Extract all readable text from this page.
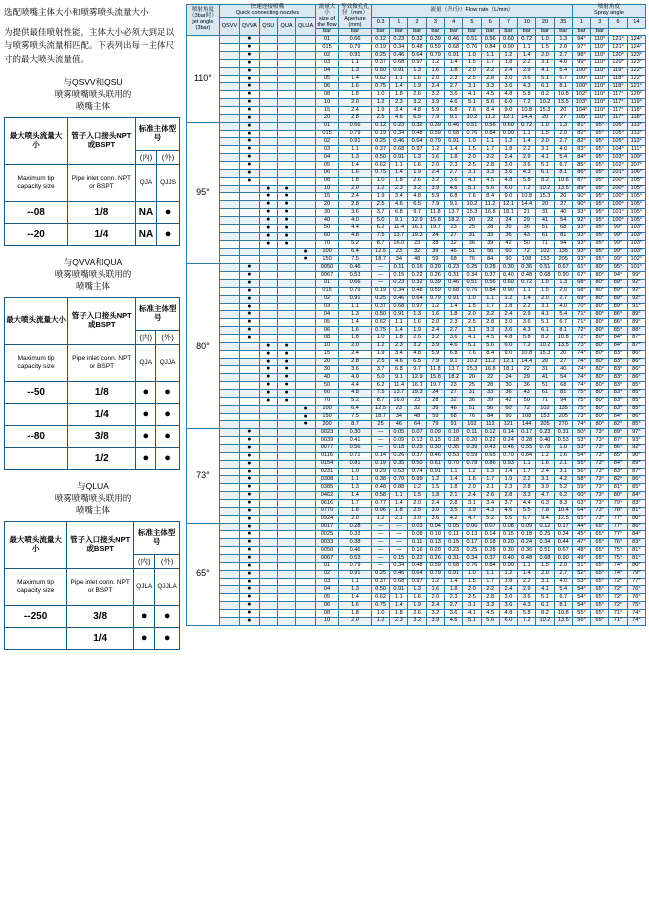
选配喷嘴主体大小和喷雾喷头流量大小

为提供最佳喷射性能，主体大小必须大到足以与喷雾喷头流量相匹配。下表列出每一主体尺寸的最大喷头流量值。

与QSVV和QSU
喷雾喷嘴喷头联用的
喷嘴主体
最大喷头流量大小	管子入口接头NPT或BSPT	标准主体型号	
		(内)	(外)
Maximum tip capacity size	Pipe inlet conn. NPT or BSPT	QJA	QJJS
--08	1/8	NA	●
--20	1/4	NA	●
与QVVA和QUA
喷雾喷嘴喷头联用的
喷嘴主体
最大喷头流量大小	管子入口接头NPT或BSPT	标准主体型号	
		(内)	(外)
Maximum tip capacity size	Pipe inlet conn. NPT or BSPT	QJA	QJJA
--50	1/8	●	●
	1/4	●	●
--80	3/8	●	●
	1/2	●	●
与QLUA
喷雾喷嘴喷头联用的
喷嘴主体
最大喷头流量大小	管子入口接头NPT或BSPT	标准主体型号	
		(内)	(外)
Maximum tip capacity size	Pipe inlet conn. NPT or BSPT	QJLA	QJJLA
--250	3/8	●	●
	1/4	●	●
喷射角度（3bar时）
jet angle (3bar)	快速连接喷嘴
Quick connecting nozzles					流量大小
size of the flow	等效微孔孔径（mm）
Aperture (mm)	流量（升/分）Flow rate（L/min）											喷射角度
Spray angle			
	QSVV	QVVA	QSU	QUA	QLUA			0.3	1	2	3	4	5	6	7	10	20	35	1	3	6	14
						bar	bar	bar	bar	bar	bar	bar	bar	bar	bar	bar	bar	bar	bar	bar		
110°		●				01	0.66	0.12	0.23	0.32	0.39	0.46	0.51	0.56	0.60	0.72	1.0	1.3	94°	110°	121°	124°
		●				015	0.79	0.19	0.34	0.48	0.59	0.68	0.76	0.84	0.90	1.1	1.5	2.0	97°	110°	121°	124°
		●				02	0.91	0.25	0.46	0.64	0.79	0.91	1.0	1.1	1.2	1.4	2.0	2.7	98°	110°	120°	123°
		●				03	1.1	0.37	0.68	0.97	1.2	1.4	1.5	1.7	1.8	2.2	3.1	4.0	99°	110°	120°	123°
		●				04	1.3	0.50	0.91	1.3	1.6	1.8	2.0	2.2	2.4	2.9	4.1	5.4	100°	110°	119°	122°
		●				05	1.4	0.62	1.1	1.6	2.0	2.3	2.5	2.8	3.0	3.6	5.1	6.7	100°	110°	118°	122°
		●				06	1.6	0.75	1.4	1.9	2.4	2.7	3.1	3.3	3.6	4.3	6.1	8.1	100°	110°	118°	121°
		●				08	1.8	1.0	1.8	2.6	3.2	3.6	4.1	4.5	4.8	5.8	8.2	10.8	102°	110°	117°	120°
		●				10	2.0	1.2	2.3	3.2	3.9	4.6	5.1	5.6	6.0	7.2	10.2	13.5	103°	110°	117°	119°
		●				15	2.4	1.9	3.4	4.8	5.9	6.8	7.6	8.4	9.0	10.8	15.3	20	104°	110°	117°	118°
		●				20	2.8	2.5	4.6	6.5	7.9	9.1	10.2	11.2	12.1	14.4	20	27	105°	110°	117°	118°
95°		●				01	0.66	0.12	0.23	0.32	0.39	0.46	0.51	0.56	0.60	0.72	1.0	1.3	81°	95°	105°	113°
		●				015	0.79	0.19	0.34	0.48	0.59	0.68	0.76	0.84	0.90	1.1	1.5	2.0	82°	95°	105°	113°
		●				02	0.91	0.25	0.46	0.64	0.79	0.91	1.0	1.1	1.2	1.4	2.0	2.7	82°	95°	105°	113°
		●				03	1.1	0.37	0.68	0.97	1.2	1.4	1.5	1.7	1.8	2.2	3.1	4.0	83°	95°	104°	111°
		●				04	1.3	0.50	0.91	1.3	1.6	1.8	2.0	2.2	2.4	2.9	4.1	5.4	84°	95°	103°	109°
		●				05	1.4	0.62	1.1	1.6	2.0	2.3	2.5	2.8	3.0	3.6	5.1	6.7	85°	95°	102°	107°
		●				06	1.6	0.75	1.4	1.9	2.4	2.7	3.1	3.3	3.6	4.3	6.1	8.1	86°	95°	101°	106°
		●				08	1.8	1.0	1.8	2.6	3.2	3.6	4.1	4.5	4.8	5.8	8.2	10.8	87°	95°	100°	105°
			●	●		10	2.0	1.2	2.3	3.2	3.9	4.6	5.1	5.6	6.0	7.2	10.2	13.5	89°	95°	100°	105°
			●	●		15	2.4	1.9	3.4	4.8	5.9	6.8	7.6	8.4	9.0	10.8	15.3	20	90°	95°	100°	105°
			●	●		20	2.8	2.5	4.6	6.5	7.9	9.1	10.2	11.2	12.1	14.4	20	27	90°	95°	100°	105°
			●	●		30	3.6	3.7	6.8	9.7	11.8	13.7	15.3	16.8	18.1	21	31	40	93°	95°	101°	105°
			●	●		40	4.0	5.0	9.1	12.9	15.8	18.2	20	22	24	29	41	54	92°	95°	100°	105°
			●	●		50	4.4	6.2	11.4	16.1	19.7	23	25	28	30	36	51	68	93°	95°	99°	103°
			●	●		60	4.8	7.5	13.7	19.3	24	27	31	33	36	43	61	81	93°	95°	99°	103°
			●	●		70	5.2	8.7	16.0	23	28	32	36	39	42	50	71	94	93°	95°	99°	103°
					●	100	6.4	12.5	23	32	39	46	51	56	60	72	102	135	93°	95°	99°	103°
					●	150	7.5	18.7	34	48	59	68	76	84	90	108	153	205	93°	95°	99°	102°
80°		●				0050	0.46	—	0.11	0.16	0.20	0.23	0.25	0.28	0.30	0.36	0.51	0.67	61°	80°	95°	101°
		●				0067	0.53	—	0.15	0.22	0.26	0.31	0.34	0.37	0.40	0.48	0.68	0.90	67°	80°	94°	99°
		●				01	0.66	—	0.23	0.32	0.39	0.46	0.51	0.56	0.60	0.72	1.0	1.3	68°	80°	89°	92°
		●				015	0.79	0.19	0.34	0.48	0.59	0.68	0.76	0.84	0.90	1.1	1.5	2.0	68°	80°	89°	92°
		●				02	0.91	0.25	0.46	0.64	0.79	0.91	1.0	1.1	1.2	1.4	2.0	2.7	69°	80°	89°	92°
		●				03	1.1	0.37	0.68	0.97	1.2	1.4	1.5	1.7	1.8	2.2	3.1	4.0	70°	80°	89°	91°
		●				04	1.3	0.50	0.91	1.3	1.6	1.8	2.0	2.2	2.4	2.9	4.1	5.4	71°	80°	86°	89°
		●				05	1.4	0.62	1.1	1.6	2.0	2.3	2.5	2.8	3.0	3.6	5.1	6.7	71°	80°	86°	89°
		●				06	1.6	0.75	1.4	1.9	2.4	2.7	3.1	3.3	3.6	4.3	6.1	8.1	72°	80°	85°	88°
		●				08	1.8	1.0	1.8	2.6	3.2	3.6	4.1	4.5	4.8	5.8	8.2	10.8	72°	80°	84°	87°
			●	●		10	2.0	1.2	2.3	3.2	3.9	4.6	5.1	5.6	6.0	7.2	10.2	13.5	73°	80°	84°	87°
			●	●		15	2.4	1.9	3.4	4.8	5.9	6.8	7.6	8.4	9.0	10.8	15.3	20	74°	80°	83°	86°
			●	●		20	2.8	2.5	4.6	6.5	7.9	9.1	10.2	11.2	12.1	14.4	20	27	74°	80°	83°	86°
			●	●		30	3.6	3.7	6.8	9.7	11.8	13.7	15.3	16.8	18.1	22	31	40	74°	80°	83°	86°
			●	●		40	4.0	5.0	9.1	12.9	15.8	18.2	20	22	24	29	41	54	74°	80°	83°	86°
			●	●		50	4.4	6.2	11.4	16.1	19.7	23	25	28	30	36	51	68	74°	80°	83°	85°
			●	●		60	4.8	7.5	13.7	19.3	24	27	31	33	36	43	61	81	75°	80°	83°	85°
			●	●		70	5.2	8.7	16.0	23	28	32	36	39	42	50	71	94	75°	80°	83°	85°
					●	100	6.4	12.5	23	32	39	46	51	56	60	72	102	135	75°	80°	83°	85°
					●	150	7.5	18.7	34	48	59	68	76	84	90	108	153	205	73°	80°	84°	86°
					●	200	8.7	25	46	64	79	91	102	112	121	144	205	270	74°	80°	82°	85°
73°		●				0023	0.30	—	0.05	0.07	0.09	0.10	0.11	0.12	0.14	0.17	0.23	0.31	50°	73°	89°	97°
		●				0039	0.41	—	0.09	0.13	0.15	0.18	0.20	0.22	0.24	0.28	0.40	0.53	53°	73°	87°	93°
		●				0077	0.56	—	0.18	0.25	0.30	0.35	0.39	0.43	0.46	0.55	0.78	1.0	53°	73°	86°	92°
		●				0116	0.71	0.14	0.26	0.37	0.46	0.53	0.59	0.65	0.70	0.84	1.2	1.6	54°	73°	85°	90°
		●				0154	0.81	0.19	0.35	0.50	0.61	0.70	0.78	0.86	0.93	1.1	1.6	2.1	55°	73°	84°	89°
		●				0231	1.0	0.29	0.53	0.74	0.91	1.1	1.2	1.3	1.4	1.7	2.4	3.1	56°	73°	83°	87°
		●				0308	1.1	0.38	0.70	0.99	1.2	1.4	1.6	1.7	1.9	2.2	3.1	4.2	58°	73°	82°	86°
		●				0385	1.3	0.48	0.88	1.2	1.5	1.8	2.0	2.1	2.3	2.8	3.9	5.2	59°	73°	81°	85°
		●				0462	1.4	0.58	1.1	1.5	1.8	2.1	2.4	2.6	2.8	3.3	4.7	6.2	60°	73°	80°	84°
		●				0616	1.7	0.77	1.4	2.0	2.4	2.8	3.1	3.4	3.7	4.4	6.3	8.3	63°	73°	79°	83°
		●				0770	1.8	0.96	1.8	2.5	3.0	3.5	3.9	4.3	4.6	5.5	7.8	10.4	64°	73°	78°	81°
		●				0924	2.0	1.2	2.1	3.0	3.6	4.2	4.7	5.2	5.6	6.7	9.4	12.5	65°	73°	77°	80°
65°		●				0017	0.28	—	—	0.03	0.04	0.05	0.06	0.07	0.08	0.09	0.12	0.17	44°	65°	77°	86°
		●				0025	0.33	—	—	0.08	0.10	0.11	0.13	0.14	0.15	0.18	0.25	0.34	45°	65°	77°	84°
		●				0033	0.38	—	—	0.11	0.13	0.15	0.17	0.18	0.20	0.24	0.34	0.44	47°	65°	76°	83°
		●				0050	0.46	—	—	0.16	0.20	0.23	0.25	0.28	0.30	0.36	0.51	0.67	48°	65°	75°	81°
		●				0067	0.53	—	0.15	0.22	0.26	0.31	0.34	0.37	0.40	0.48	0.68	0.90	49°	65°	75°	81°
		●				01	0.79	—	0.34	0.48	0.59	0.68	0.76	0.84	0.90	1.1	1.5	2.0	51°	65°	74°	80°
		●				02	0.91	0.25	0.46	0.64	0.79	0.91	1.0	1.1	1.2	1.4	2.0	2.7	52°	65°	74°	79°
		●				03	1.1	0.37	0.68	0.97	1.2	1.4	1.5	1.7	1.8	2.2	3.1	4.0	53°	65°	72°	77°
		●				04	1.3	0.50	0.91	1.3	1.6	1.8	2.0	2.2	2.4	2.9	4.1	5.4	54°	65°	72°	76°
		●				05	1.4	0.62	1.1	1.6	2.0	2.3	2.5	2.8	3.0	3.6	5.1	6.7	54°	65°	72°	76°
		●				06	1.6	0.75	1.4	1.9	2.4	2.7	3.1	3.3	3.6	4.3	6.1	8.1	54°	65°	72°	75°
		●				08	1.8	1.0	1.8	2.6	3.2	3.6	4.1	4.5	4.8	5.8	8.2	10.8	55°	65°	71°	74°
		●				10	2.0	1.2	2.3	3.2	3.9	4.6	5.1	5.6	6.0	7.2	10.2	13.5	56°	65°	71°	74°
